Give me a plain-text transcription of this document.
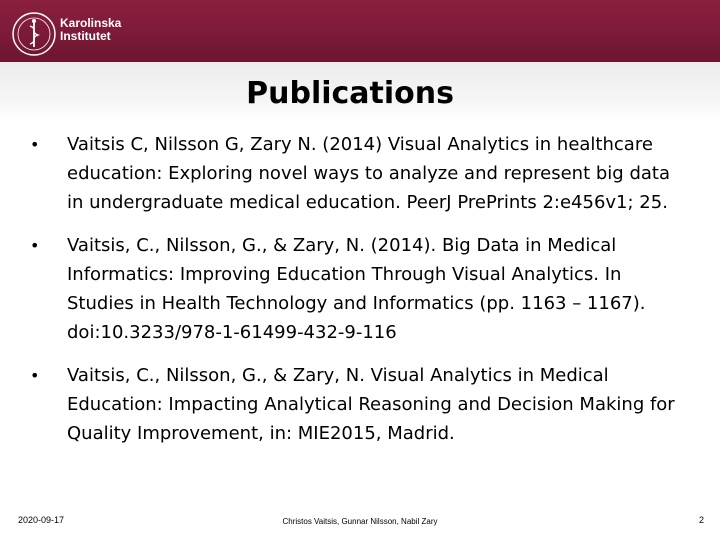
Karolinska
Institutet
Publications
• Vaitsis C, Nilsson G, Zary N. (2014) Visual Analytics in healthcare education: Exploring novel ways to analyze and represent big data in undergraduate medical education. PeerJ PrePrints 2:e456v1; 25.
• Vaitsis, C., Nilsson, G., & Zary, N. (2014). Big Data in Medical Informatics: Improving Education Through Visual Analytics. In Studies in Health Technology and Informatics (pp. 1163 – 1167). doi:10.3233/978-1-61499-432-9-116
• Vaitsis, C., Nilsson, G., & Zary, N. Visual Analytics in Medical Education: Impacting Analytical Reasoning and Decision Making for Quality Improvement, in: MIE2015, Madrid.
2020-09-17	Christos Vaitsis, Gunnar Nilsson, Nabil Zary	2
